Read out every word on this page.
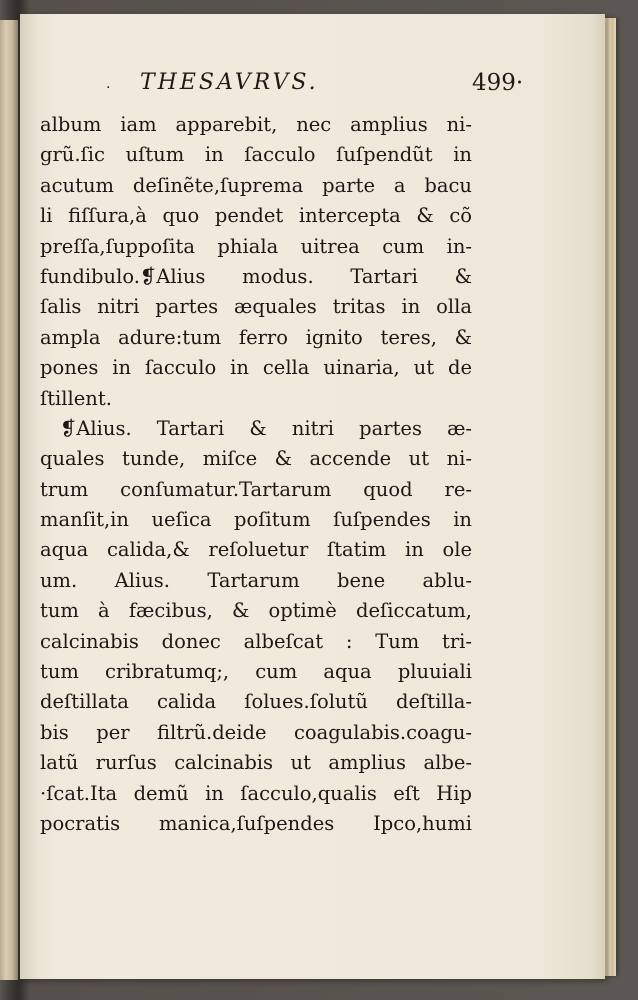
· THESAVRVS.	499·
album iam apparebit, nec amplius ni-
grũ.ſic uſtum in ſacculo ſuſpendũt in
acutum deſinẽte,ſuprema parte a bacu
li fiſſura,à quo pendet intercepta & cõ
preſſa,ſuppoſita phiala uitrea cum in-
fundibulo.❡Alius modus. Tartari &
ſalis nitri partes æquales tritas in olla
ampla adure:tum ferro ignito teres, &
pones in ſacculo in cella uinaria, ut de
ſtillent.
❡Alius. Tartari & nitri partes æ-
quales tunde, miſce & accende ut ni-
trum conſumatur.Tartarum quod re-
manſit,in ueſica poſitum ſuſpendes in
aqua calida,& reſoluetur ſtatim in ole
um. Alius. Tartarum bene ablu-
tum à fæcibus, & optimè deſiccatum,
calcinabis donec albeſcat : Tum tri-
tum cribratumq;, cum aqua pluuiali
deſtillata calida ſolues.ſolutũ deſtilla-
bis per filtrũ.deide coagulabis.coagu-
latũ rurſus calcinabis ut amplius albe-
·ſcat.Ita demũ in ſacculo,qualis eſt Hip
pocratis manica,ſuſpendes Ipco,humi
